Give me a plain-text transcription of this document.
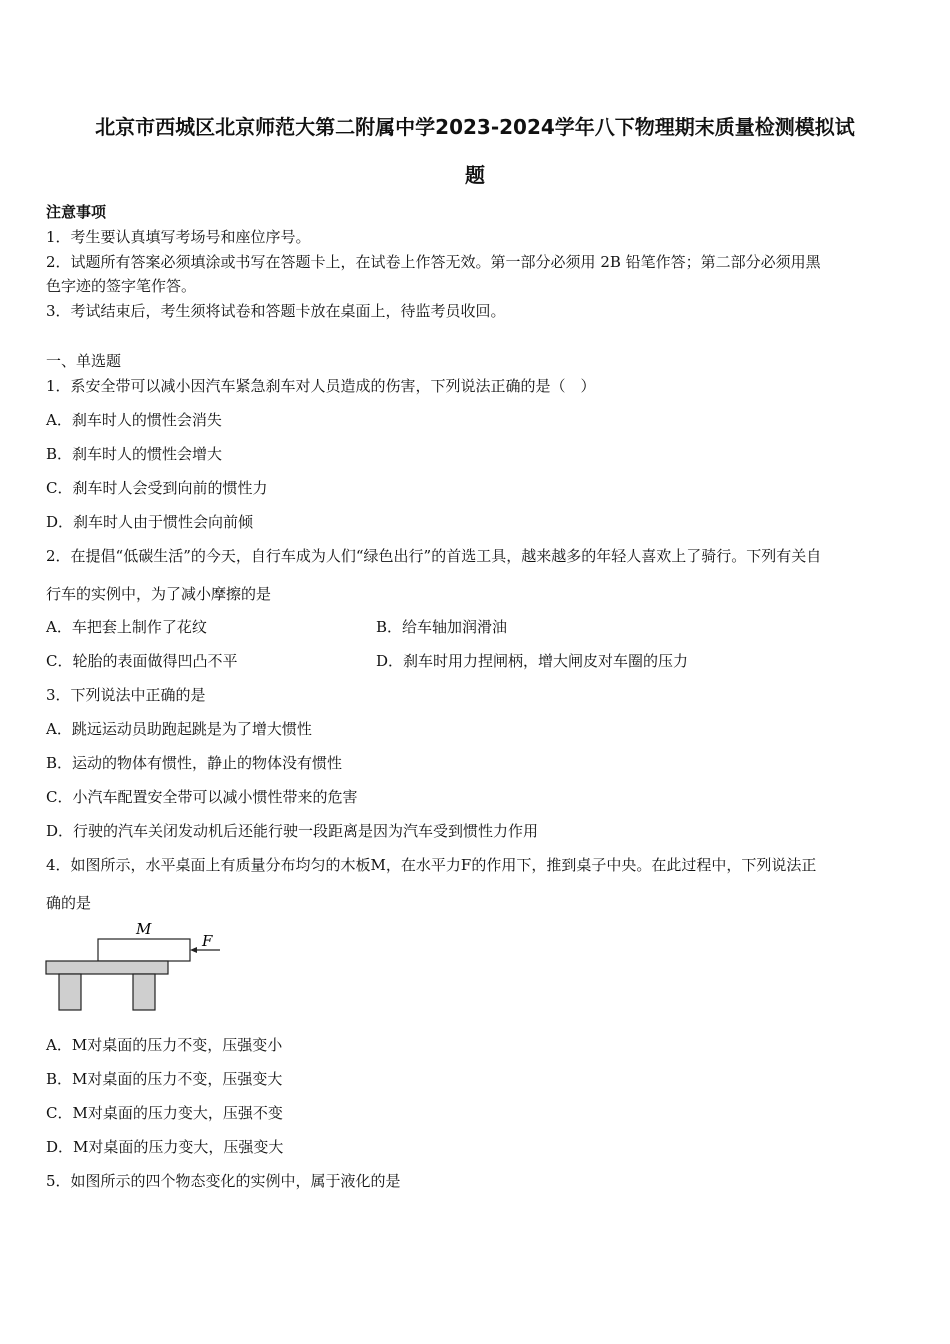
北京市西城区北京师范大第二附属中学2023-2024学年八下物理期末质量检测模拟试
题
注意事项
1．考生要认真填写考场号和座位序号。
2．试题所有答案必须填涂或书写在答题卡上，在试卷上作答无效。第一部分必须用 2B 铅笔作答；第二部分必须用黑
色字迹的签字笔作答。
3．考试结束后，考生须将试卷和答题卡放在桌面上，待监考员收回。
一、单选题
1．系安全带可以减小因汽车紧急刹车对人员造成的伤害，下列说法正确的是（　）
A．刹车时人的惯性会消失
B．刹车时人的惯性会增大
C．刹车时人会受到向前的惯性力
D．刹车时人由于惯性会向前倾
2．在提倡“低碳生活”的今天，自行车成为人们“绿色出行”的首选工具，越来越多的年轻人喜欢上了骑行。下列有关自
行车的实例中，为了减小摩擦的是
A．车把套上制作了花纹	B．给车轴加润滑油
C．轮胎的表面做得凹凸不平	D．刹车时用力捏闸柄，增大闸皮对车圈的压力
3．下列说法中正确的是
A．跳远运动员助跑起跳是为了增大惯性
B．运动的物体有惯性，静止的物体没有惯性
C．小汽车配置安全带可以减小惯性带来的危害
D．行驶的汽车关闭发动机后还能行驶一段距离是因为汽车受到惯性力作用
4．如图所示，水平桌面上有质量分布均匀的木板M，在水平力F的作用下，推到桌子中央。在此过程中，下列说法正
确的是
M
F
A．M对桌面的压力不变，压强变小
B．M对桌面的压力不变，压强变大
C．M对桌面的压力变大，压强不变
D．M对桌面的压力变大，压强变大
5．如图所示的四个物态变化的实例中，属于液化的是
